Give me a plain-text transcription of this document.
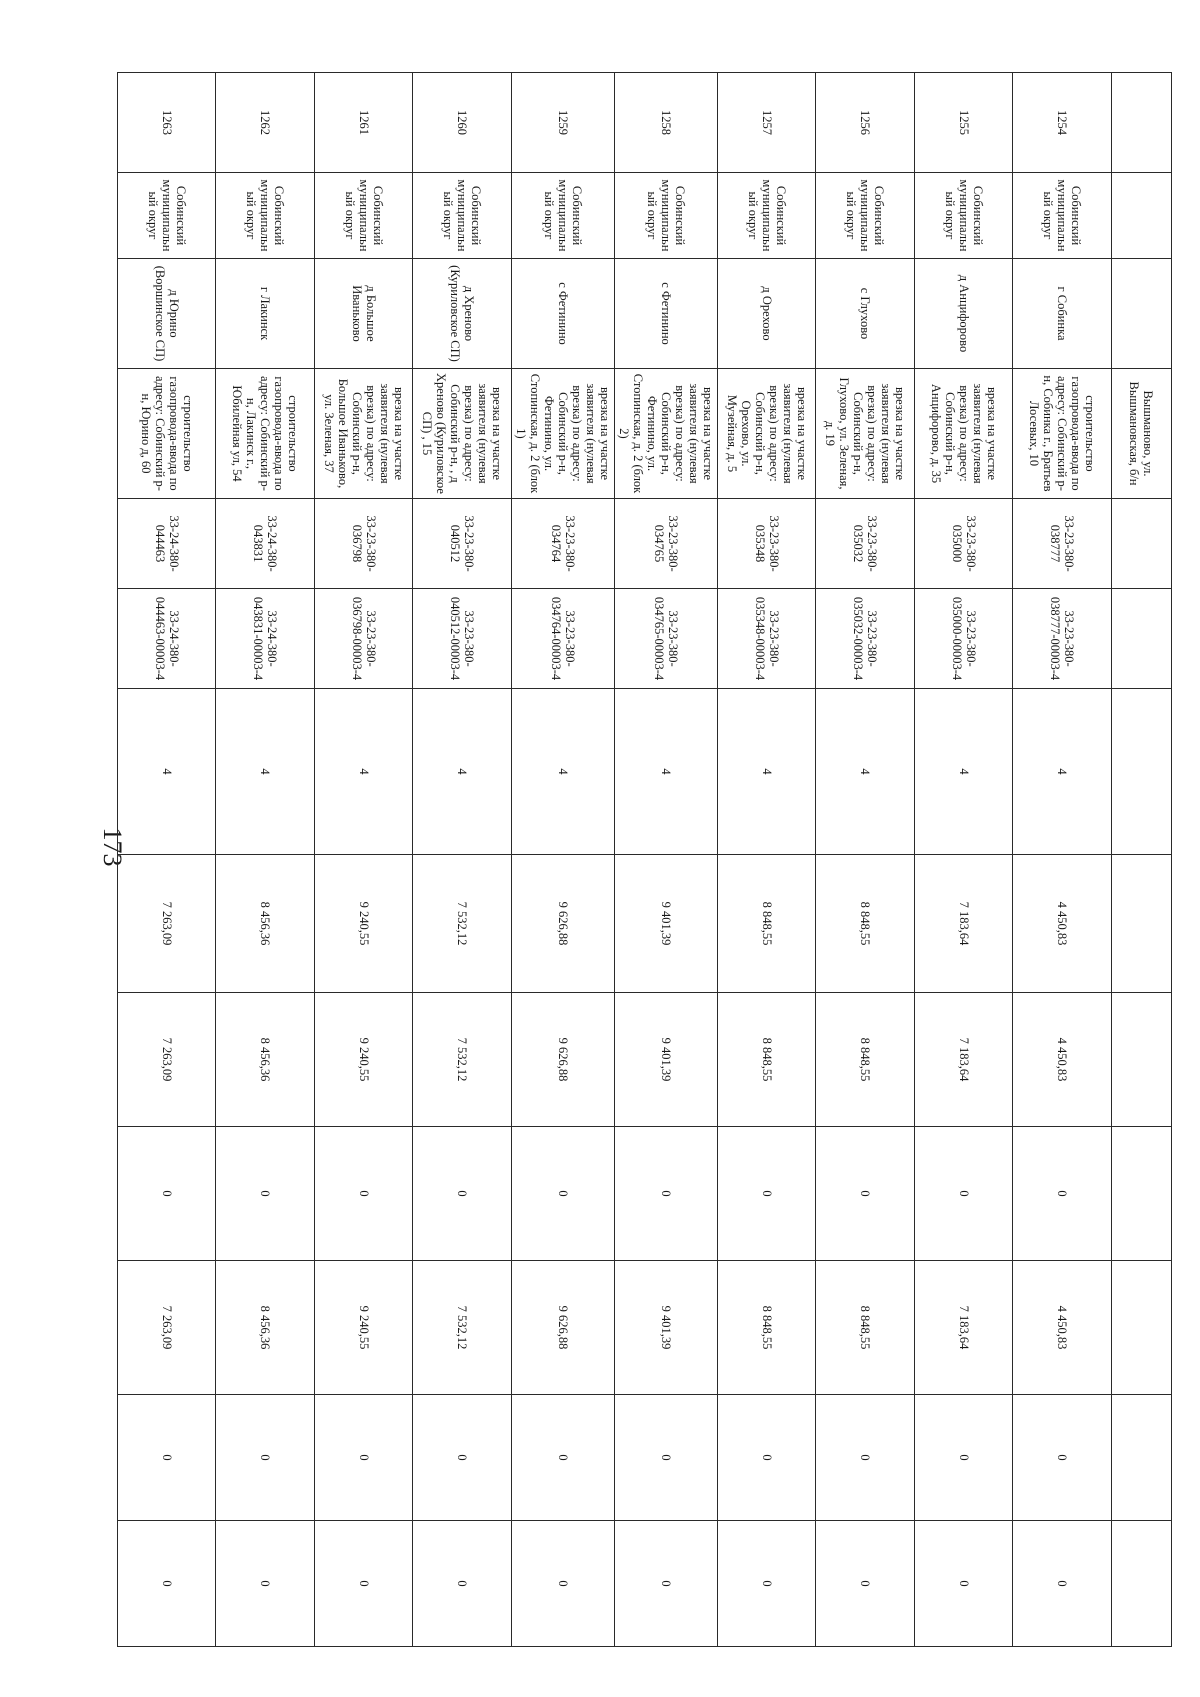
173
			Вышманово, ул. Вышмановская, б/н									
1254	Собинский муниципальный округ	г Собинка	строительство газопровода-ввода по адресу: Собинский р-н, Собинка г., Братьев Лосевых, 10	33-23-380-038777	33-23-380-038777-00003-4	4	4 450,83	4 450,83	0	4 450,83	0	0
1255	Собинский муниципальный округ	д Анцифорово	врезка на участке заявителя (нулевая врезка) по адресу: Собинский р-н, Анцифорово, д. 35	33-23-380-035000	33-23-380-035000-00003-4	4	7 183,64	7 183,64	0	7 183,64	0	0
1256	Собинский муниципальный округ	с Глухово	врезка на участке заявителя (нулевая врезка) по адресу: Собинский р-н, Глухово, ул. Зеленая, д. 19	33-23-380-035032	33-23-380-035032-00003-4	4	8 848,55	8 848,55	0	8 848,55	0	0
1257	Собинский муниципальный округ	д Орехово	врезка на участке заявителя (нулевая врезка) по адресу: Собинский р-н, Орехово, ул. Музейная, д. 5	33-23-380-035348	33-23-380-035348-00003-4	4	8 848,55	8 848,55	0	8 848,55	0	0
1258	Собинский муниципальный округ	с Фетинино	врезка на участке заявителя (нулевая врезка) по адресу: Собинский р-н, Фетинино, ул. Стопинская, д. 2 (блок 2)	33-23-380-034765	33-23-380-034765-00003-4	4	9 401,39	9 401,39	0	9 401,39	0	0
1259	Собинский муниципальный округ	с Фетинино	врезка на участке заявителя (нулевая врезка) по адресу: Собинский р-н, Фетинино, ул. Стопинская, д. 2 (блок 1)	33-23-380-034764	33-23-380-034764-00003-4	4	9 626,88	9 626,88	0	9 626,88	0	0
1260	Собинский муниципальный округ	д Хреново (Куриловское СП)	врезка на участке заявителя (нулевая врезка) по адресу: Собинский р-н, , д Хреново (Куриловское СП) , 15	33-23-380-040512	33-23-380-040512-00003-4	4	7 532,12	7 532,12	0	7 532,12	0	0
1261	Собинский муниципальный округ	д Большое Иваньково	врезка на участке заявителя (нулевая врезка) по адресу: Собинский р-н, Большое Иваньково, ул. Зеленая, 37	33-23-380-036798	33-23-380-036798-00003-4	4	9 240,55	9 240,55	0	9 240,55	0	0
1262	Собинский муниципальный округ	г Лакинск	строительство газопровода-ввода по адресу: Собинский р-н, Лакинск г., Юбилейная ул, 54	33-24-380-043831	33-24-380-043831-00003-4	4	8 456,36	8 456,36	0	8 456,36	0	0
1263	Собинский муниципальный округ	д Юрино (Воршинское СП)	строительство газопровода-ввода по адресу: Собинский р-н, Юрино д, 60	33-24-380-044463	33-24-380-044463-00003-4	4	7 263,09	7 263,09	0	7 263,09	0	0
